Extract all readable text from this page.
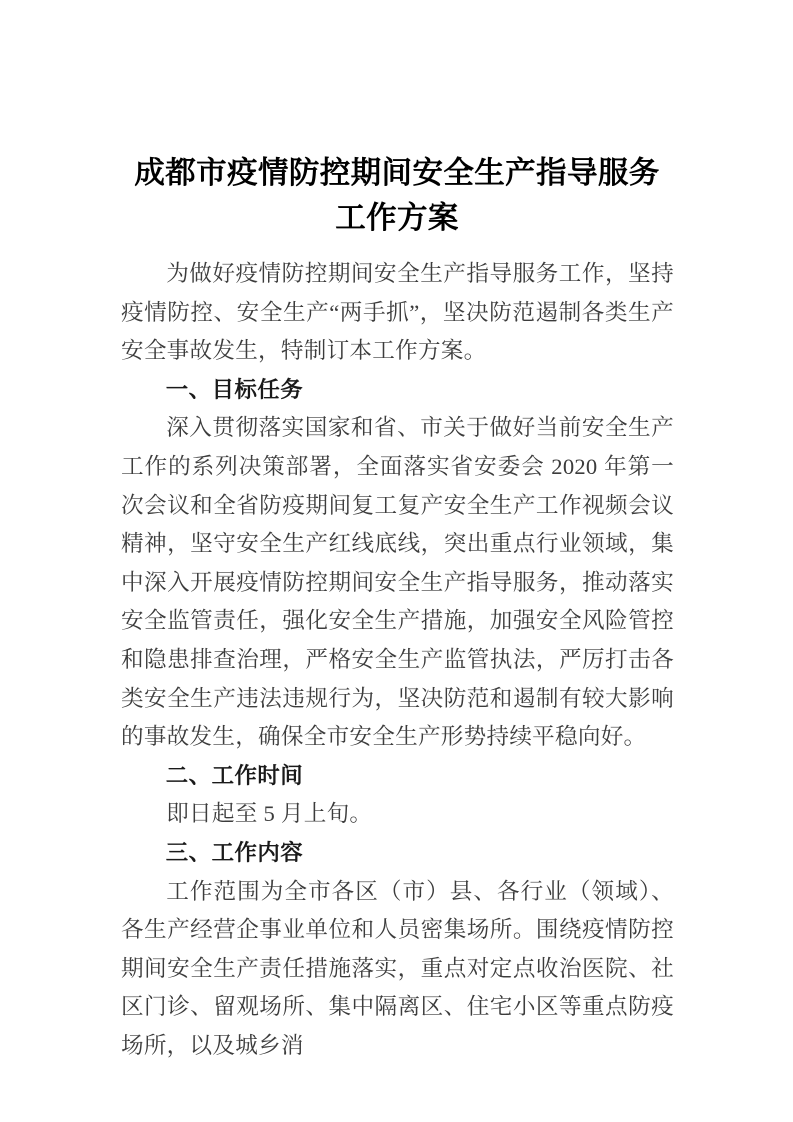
成都市疫情防控期间安全生产指导服务工作方案

为做好疫情防控期间安全生产指导服务工作，坚持疫情防控、安全生产“两手抓”，坚决防范遏制各类生产安全事故发生，特制订本工作方案。

一、目标任务

深入贯彻落实国家和省、市关于做好当前安全生产工作的系列决策部署，全面落实省安委会 2020 年第一次会议和全省防疫期间复工复产安全生产工作视频会议精神，坚守安全生产红线底线，突出重点行业领域，集中深入开展疫情防控期间安全生产指导服务，推动落实安全监管责任，强化安全生产措施，加强安全风险管控和隐患排查治理，严格安全生产监管执法，严厉打击各类安全生产违法违规行为，坚决防范和遏制有较大影响的事故发生，确保全市安全生产形势持续平稳向好。

二、工作时间

即日起至 5 月上旬。

三、工作内容

工作范围为全市各区（市）县、各行业（领域）、各生产经营企事业单位和人员密集场所。围绕疫情防控期间安全生产责任措施落实，重点对定点收治医院、社区门诊、留观场所、集中隔离区、住宅小区等重点防疫场所，以及城乡消
